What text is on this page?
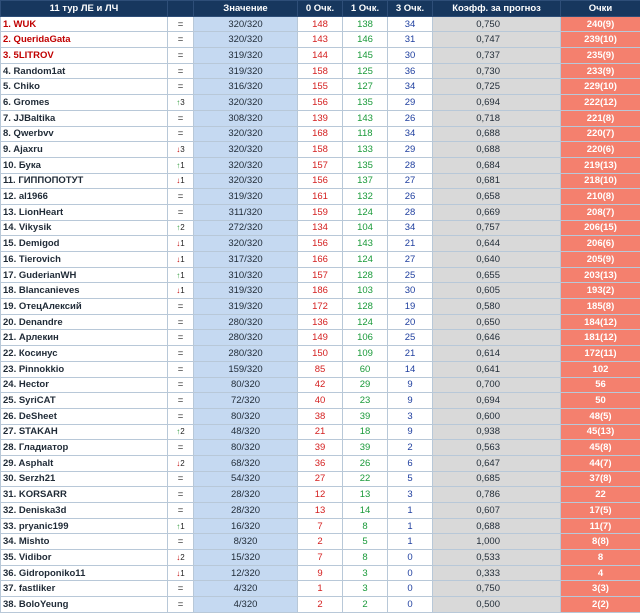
11 тур ЛЕ и ЛЧ		Значение	0 Очк.	1 Очк.	3 Очк.	Коэфф. за прогноз	Очки
1. WUK	=	320/320	148	138	34	0,750	240(9)
2. QueridaGata	=	320/320	143	146	31	0,747	239(10)
3. 5LITROV	=	319/320	144	145	30	0,737	235(9)
4. Random1at	=	319/320	158	125	36	0,730	233(9)
5. Chiko	=	316/320	155	127	34	0,725	229(10)
6. Gromes	↑3	320/320	156	135	29	0,694	222(12)
7. JJBaltika	=	308/320	139	143	26	0,718	221(8)
8. Qwerbvv	=	320/320	168	118	34	0,688	220(7)
9. Ajaxru	↓3	320/320	158	133	29	0,688	220(6)
10. Бука	↑1	320/320	157	135	28	0,684	219(13)
11. ГИППОПОТУТ	↓1	320/320	156	137	27	0,681	218(10)
12. al1966	=	319/320	161	132	26	0,658	210(8)
13. LionHeart	=	311/320	159	124	28	0,669	208(7)
14. Vikysik	↑2	272/320	134	104	34	0,757	206(15)
15. Demigod	↓1	320/320	156	143	21	0,644	206(6)
16. Tierovich	↓1	317/320	166	124	27	0,640	205(9)
17. GuderianWH	↑1	310/320	157	128	25	0,655	203(13)
18. Blancanieves	↓1	319/320	186	103	30	0,605	193(2)
19. ОтецАлексий	=	319/320	172	128	19	0,580	185(8)
20. Denandre	=	280/320	136	124	20	0,650	184(12)
21. Арлекин	=	280/320	149	106	25	0,646	181(12)
22. Косинус	=	280/320	150	109	21	0,614	172(11)
23. Pinnokkio	=	159/320	85	60	14	0,641	102
24. Hector	=	80/320	42	29	9	0,700	56
25. SyriCAT	=	72/320	40	23	9	0,694	50
26. DeSheet	=	80/320	38	39	3	0,600	48(5)
27. STAKAH	↑2	48/320	21	18	9	0,938	45(13)
28. Гладиатор	=	80/320	39	39	2	0,563	45(8)
29. Asphalt	↓2	68/320	36	26	6	0,647	44(7)
30. Serzh21	=	54/320	27	22	5	0,685	37(8)
31. KORSARR	=	28/320	12	13	3	0,786	22
32. Deniska3d	=	28/320	13	14	1	0,607	17(5)
33. pryanic199	↑1	16/320	7	8	1	0,688	11(7)
34. Mishto	=	8/320	2	5	1	1,000	8(8)
35. Vidibor	↓2	15/320	7	8	0	0,533	8
36. Gidroponiko11	↓1	12/320	9	3	0	0,333	4
37. fastliker	=	4/320	1	3	0	0,750	3(3)
38. BoloYeung	=	4/320	2	2	0	0,500	2(2)
